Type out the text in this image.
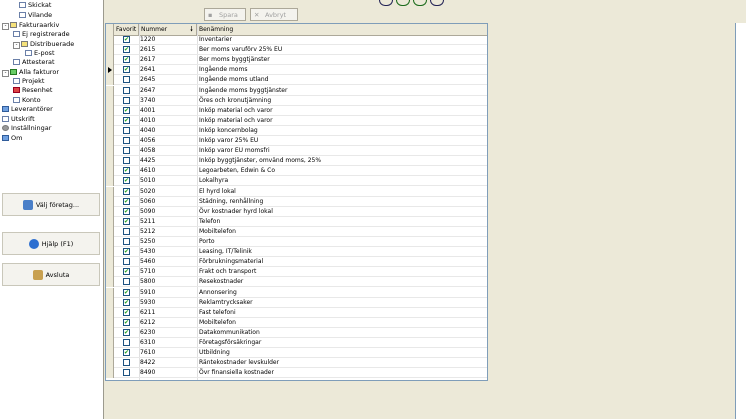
Skickat
Vilande
- Fakturaarkiv
Ej registrerade
- Distribuerade
E-post
Attesterat
- Alla fakturor
Projekt
Resenhet
Konto
Leverantörer
Utskrift
Inställningar
Om
Välj företag...
Hjälp (F1)
Avsluta
▪ Spara	✕ Avbryt
Favorit Nummer	🠗	Benämning
✔ 1220	Inventarier
✔ 2615	Ber moms varuförv 25% EU
✔ 2617	Ber moms byggtjänster
✔ 2641	Ingående moms
2645	Ingående moms utland
2647	Ingående moms byggtjänster
3740	Öres och kronutjämning
✔ 4001	Inköp material och varor
✔ 4010	Inköp material och varor
4040	Inköp koncernbolag
4056	Inköp varor 25% EU
4058	Inköp varor EU momsfri
4425	Inköp byggtjänster, omvänd moms, 25%
✔ 4610	Legoarbeten, Edwin & Co
✔ 5010	Lokalhyra
✔ 5020	El hyrd lokal
✔ 5060	Städning, renhållning
✔ 5090	Övr kostnader hyrd lokal
✔ 5211	Telefon
5212	Mobiltelefon
5250	Porto
✔ 5430	Leasing, IT/Telinik
5460	Förbrukningsmaterial
✔ 5710	Frakt och transport
5800	Resekostnader
✔ 5910	Annonsering
✔ 5930	Reklamtrycksaker
✔ 6211	Fast telefoni
✔ 6212	Mobiltelefon
✔ 6230	Datakommunikation
6310	Företagsförsäkringar
✔ 7610	Utbildning
8422	Räntekostnader levskulder
8490	Övr finansiella kostnader
